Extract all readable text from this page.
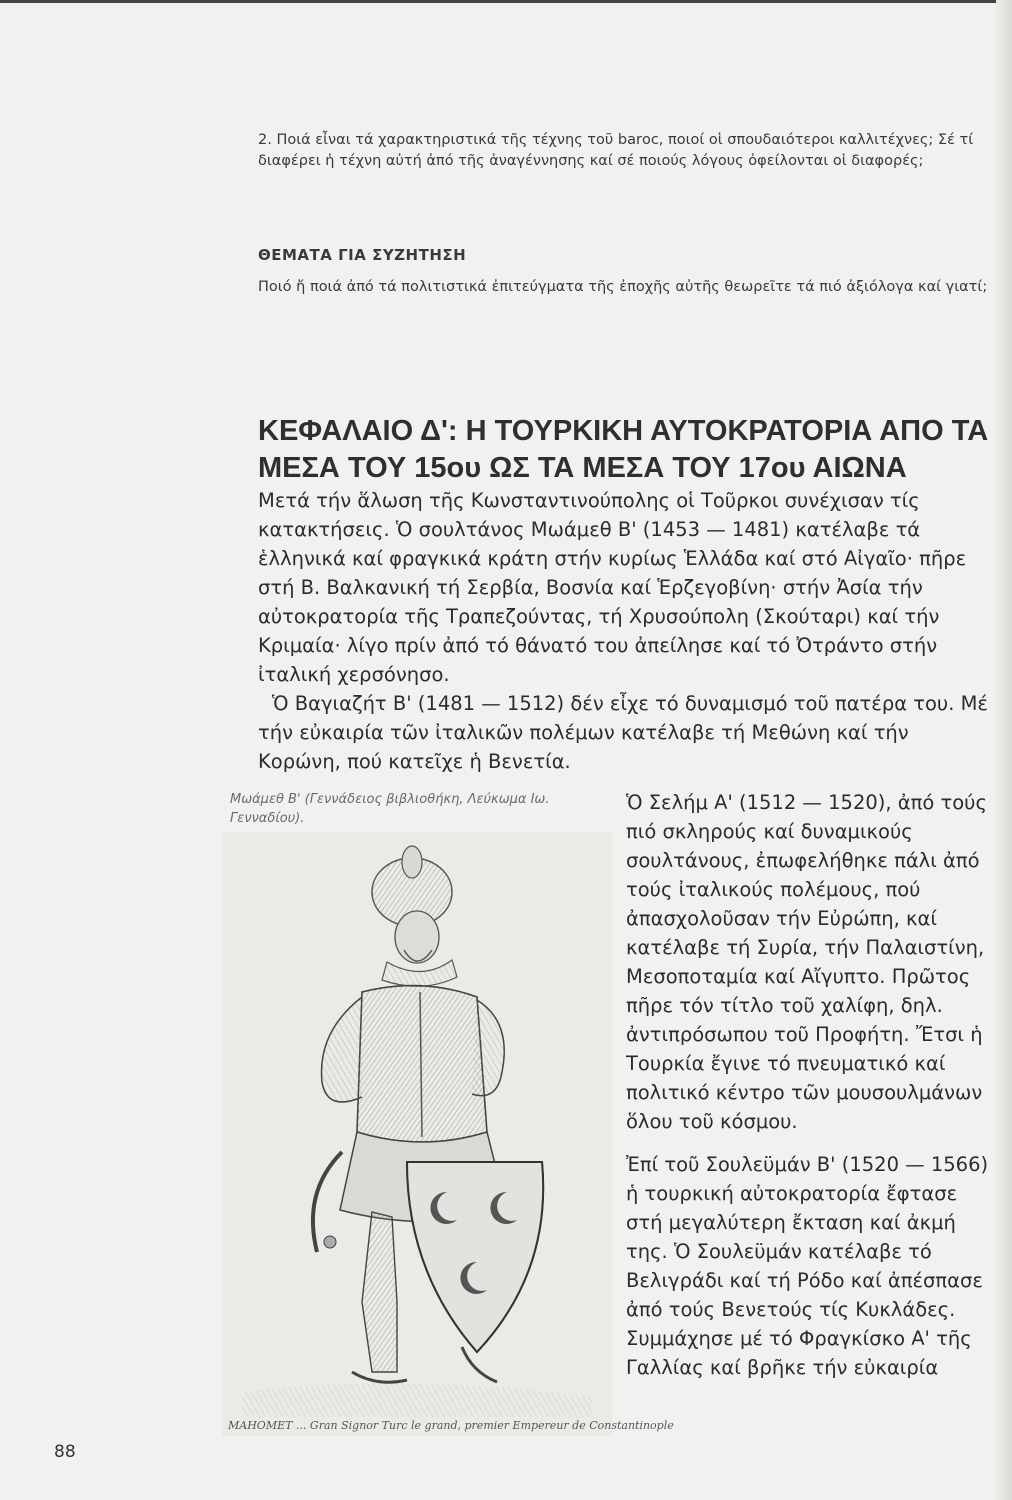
2. Ποιά εἶναι τά χαρακτηριστικά τῆς τέχνης τοῦ barοc, ποιοί οἱ σπουδαιότεροι καλλιτέχνες; Σέ τί διαφέρει ἡ τέχνη αὐτή ἀπό τῆς ἀναγέννησης καί σέ ποιούς λόγους ὀφείλονται οἱ διαφορές;
ΘΕΜΑΤΑ ΓΙΑ ΣΥΖΗΤΗΣΗ
Ποιό ἤ ποιά ἀπό τά πολιτιστικά ἐπιτεύγματα τῆς ἐποχῆς αὐτῆς θεωρεῖτε τά πιό ἀξιόλογα καί γιατί;
ΚΕΦΑΛΑΙΟ Δ': Η ΤΟΥΡΚΙΚΗ ΑΥΤΟΚΡΑΤΟΡΙΑ ΑΠΟ ΤΑ ΜΕΣΑ ΤΟΥ 15ου ΩΣ ΤΑ ΜΕΣΑ ΤΟΥ 17ου ΑΙΩΝΑ

Μετά τήν ἅλωση τῆς Κωνσταντινούπολης οἱ Τοῦρκοι συνέχισαν τίς κατακτήσεις. Ὁ σουλτάνος Μωάμεθ Β' (1453 — 1481) κατέλαβε τά ἑλληνικά καί φραγκικά κράτη στήν κυρίως Ἑλλάδα καί στό Αἰγαῖο· πῆρε στή Β. Βαλκανική τή Σερβία, Βοσνία καί Ἑρζεγοβίνη· στήν Ἀσία τήν αὐτοκρατορία τῆς Τραπεζούντας, τή Χρυσούπολη (Σκούταρι) καί τήν Κριμαία· λίγο πρίν ἀπό τό θάνατό του ἀπείλησε καί τό Ὀτράντο στήν ἰταλική χερσόνησο.

Ὁ Βαγιαζήτ Β' (1481 — 1512) δέν εἶχε τό δυναμισμό τοῦ πατέρα του. Μέ τήν εὐκαιρία τῶν ἰταλικῶν πολέμων κατέλαβε τή Μεθώνη καί τήν Κορώνη, πού κατεῖχε ἡ Βενετία.

Μωάμεθ Β' (Γεννάδειος βιβλιοθήκη, Λεύκωμα Ιω. Γενναδίου).
MAHOMET ... Gran Signor Turc le grand, premier Empereur de Constantinople

Ὁ Σελήμ Α' (1512 — 1520), ἀπό τούς πιό σκληρούς καί δυναμικούς σουλτάνους, ἐπωφελήθηκε πάλι ἀπό τούς ἰταλικούς πολέμους, πού ἀπασχολοῦσαν τήν Εὐρώπη, καί κατέλαβε τή Συρία, τήν Παλαιστίνη, Μεσοποταμία καί Αἴγυπτο. Πρῶτος πῆρε τόν τίτλο τοῦ χαλίφη, δηλ. ἀντιπρόσωπου τοῦ Προφήτη. Ἔτσι ἡ Τουρκία ἔγινε τό πνευματικό καί πολιτικό κέντρο τῶν μουσουλμάνων ὅλου τοῦ κόσμου.

Ἐπί τοῦ Σουλεϋμάν Β' (1520 — 1566) ἡ τουρκική αὐτοκρατορία ἔφτασε στή μεγαλύτερη ἔκταση καί ἀκμή της. Ὁ Σουλεϋμάν κατέλαβε τό Βελιγράδι καί τή Ρόδο καί ἀπέσπασε ἀπό τούς Βενετούς τίς Κυκλάδες. Συμμάχησε μέ τό Φραγκίσκο Α' τῆς Γαλλίας καί βρῆκε τήν εὐκαιρία

88
